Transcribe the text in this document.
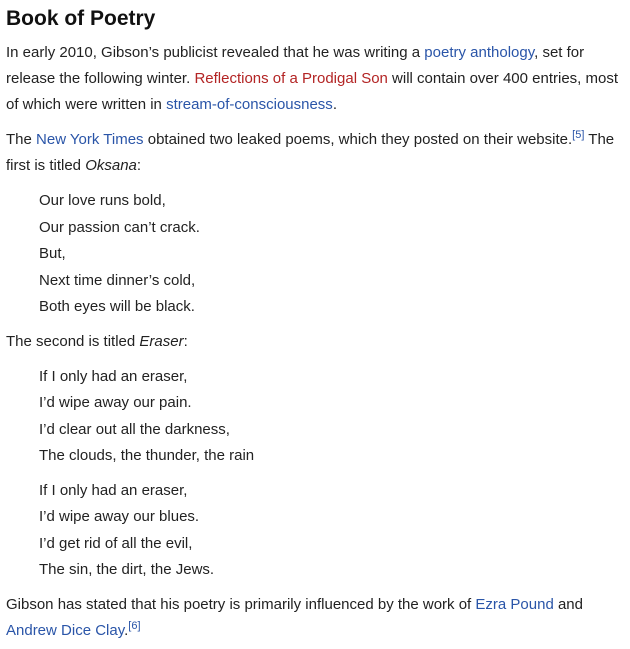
Book of Poetry

In early 2010, Gibson’s publicist revealed that he was writing a poetry anthology, set for release the following winter. Reflections of a Prodigal Son will contain over 400 entries, most of which were written in stream-of-consciousness.

The New York Times obtained two leaked poems, which they posted on their website.[5] The first is titled Oksana:

Our love runs bold,
Our passion can’t crack.
But,
Next time dinner’s cold,
Both eyes will be black.

The second is titled Eraser:

If I only had an eraser,
I’d wipe away our pain.
I’d clear out all the darkness,
The clouds, the thunder, the rain
If I only had an eraser,
I’d wipe away our blues.
I’d get rid of all the evil,
The sin, the dirt, the Jews.

Gibson has stated that his poetry is primarily influenced by the work of Ezra Pound and Andrew Dice Clay.[6]
